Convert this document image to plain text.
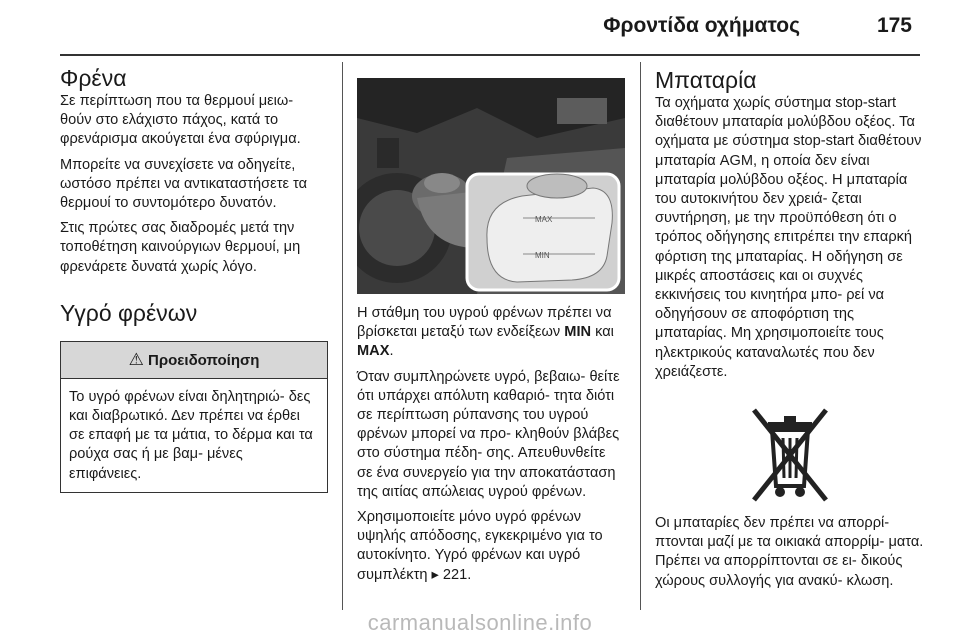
Φροντίδα οχήματος	175
Φρένα

Σε περίπτωση που τα θερμουί μειω- θούν στο ελάχιστο πάχος, κατά το φρενάρισμα ακούγεται ένα σφύριγμα.

Μπορείτε να συνεχίσετε να οδηγείτε, ωστόσο πρέπει να αντικαταστήσετε τα θερμουί το συντομότερο δυνατόν.

Στις πρώτες σας διαδρομές μετά την τοποθέτηση καινούργιων θερμουί, μη φρενάρετε δυνατά χωρίς λόγο.

Υγρό φρένων
⚠ Προειδοποίηση
Το υγρό φρένων είναι δηλητηριώ- δες και διαβρωτικό. Δεν πρέπει να έρθει σε επαφή με τα μάτια, το δέρμα και τα ρούχα σας ή με βαμ- μένες επιφάνειες.
MAX
MIN

Η στάθμη του υγρού φρένων πρέπει να βρίσκεται μεταξύ των ενδείξεων MIN και MAX.

Όταν συμπληρώνετε υγρό, βεβαιω- θείτε ότι υπάρχει απόλυτη καθαριό- τητα διότι σε περίπτωση ρύπανσης του υγρού φρένων μπορεί να προ- κληθούν βλάβες στο σύστημα πέδη- σης. Απευθυνθείτε σε ένα συνεργείο για την αποκατάσταση της αιτίας απώλειας υγρού φρένων.

Χρησιμοποιείτε μόνο υγρό φρένων υψηλής απόδοσης, εγκεκριμένο για το αυτοκίνητο. Υγρό φρένων και υγρό συμπλέκτη ▸ 221.

Μπαταρία

Τα οχήματα χωρίς σύστημα stop-start διαθέτουν μπαταρία μολύβδου οξέος. Τα οχήματα με σύστημα stop-start διαθέτουν μπαταρία AGM, η οποία δεν είναι μπαταρία μολύβδου οξέος. Η μπαταρία του αυτοκινήτου δεν χρειά- ζεται συντήρηση, με την προϋπόθεση ότι ο τρόπος οδήγησης επιτρέπει την επαρκή φόρτιση της μπαταρίας. Η οδήγηση σε μικρές αποστάσεις και οι συχνές εκκινήσεις του κινητήρα μπο- ρεί να οδηγήσουν σε αποφόρτιση της μπαταρίας. Μη χρησιμοποιείτε τους ηλεκτρικούς καταναλωτές που δεν χρειάζεστε.

Οι μπαταρίες δεν πρέπει να απορρί- πτονται μαζί με τα οικιακά απορρίμ- ματα. Πρέπει να απορρίπτονται σε ει- δικούς χώρους συλλογής για ανακύ- κλωση.

carmanualsonline.info
